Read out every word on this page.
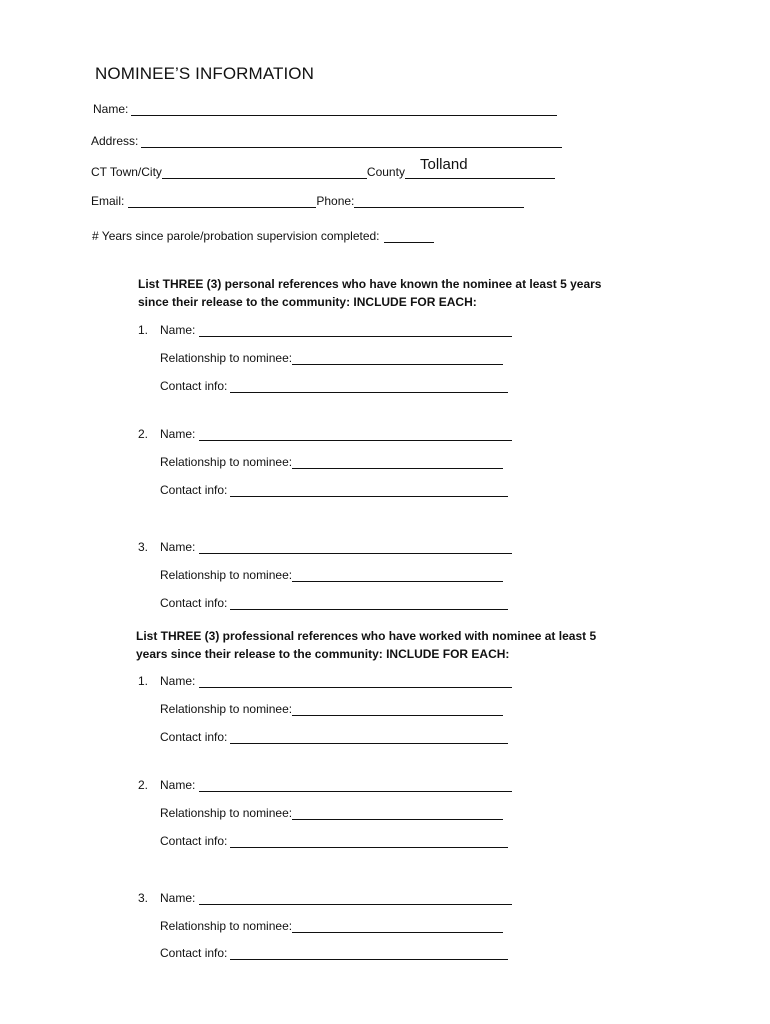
NOMINEE’S INFORMATION
Name:
Address:
CT Town/City	County Tolland
Email:	Phone:
# Years since parole/probation supervision completed:
List THREE (3) personal references who have known the nominee at least 5 years
since their release to the community: INCLUDE FOR EACH:
1. Name:
Relationship to nominee:
Contact info:
2. Name:
Relationship to nominee:
Contact info:
3. Name:
Relationship to nominee:
Contact info:
List THREE (3) professional references who have worked with nominee at least 5
years since their release to the community: INCLUDE FOR EACH:
1. Name:
Relationship to nominee:
Contact info:
2. Name:
Relationship to nominee:
Contact info:
3. Name:
Relationship to nominee:
Contact info:
